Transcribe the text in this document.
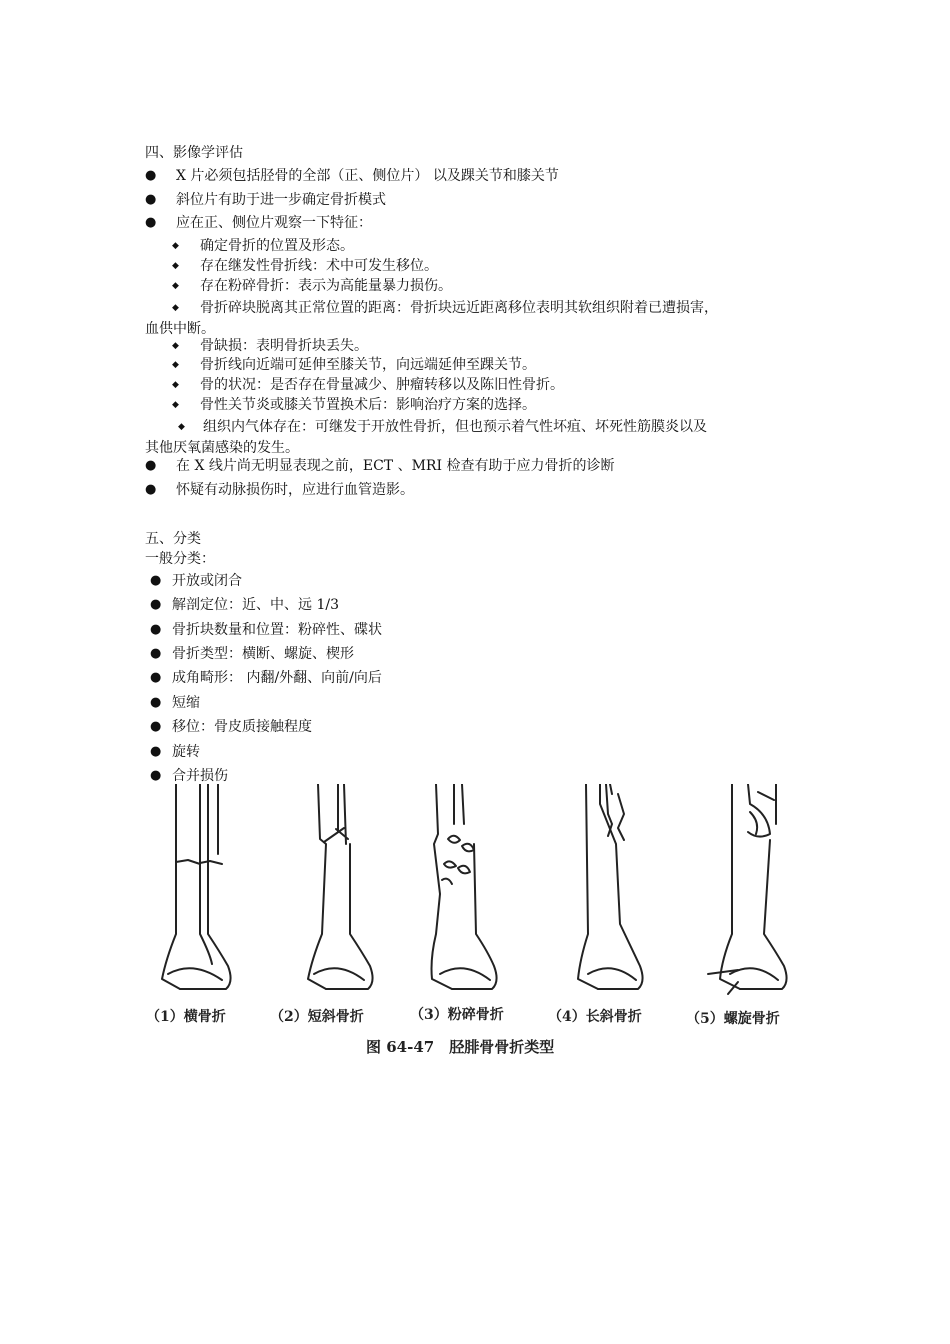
四、影像学评估
● X 片必须包括胫骨的全部（正、侧位片） 以及踝关节和膝关节
● 斜位片有助于进一步确定骨折模式
● 应在正、侧位片观察一下特征：
◆ 确定骨折的位置及形态。
◆ 存在继发性骨折线：术中可发生移位。
◆ 存在粉碎骨折：表示为高能量暴力损伤。
◆ 骨折碎块脱离其正常位置的距离：骨折块远近距离移位表明其软组织附着已遭损害，
血供中断。
◆ 骨缺损：表明骨折块丢失。
◆ 骨折线向近端可延伸至膝关节，向远端延伸至踝关节。
◆ 骨的状况：是否存在骨量减少、肿瘤转移以及陈旧性骨折。
◆ 骨性关节炎或膝关节置换术后：影响治疗方案的选择。
◆ 组织内气体存在：可继发于开放性骨折，但也预示着气性坏疽、坏死性筋膜炎以及
其他厌氧菌感染的发生。
● 在 X 线片尚无明显表现之前，ECT 、MRI 检查有助于应力骨折的诊断
● 怀疑有动脉损伤时，应进行血管造影。
五、分类
一般分类：
● 开放或闭合
● 解剖定位：近、中、远 1/3
● 骨折块数量和位置：粉碎性、碟状
● 骨折类型：横断、螺旋、楔形
● 成角畸形： 内翻/外翻、向前/向后
● 短缩
● 移位：骨皮质接触程度
● 旋转
● 合并损伤
（1）横骨折	（2）短斜骨折	（3）粉碎骨折	（4）长斜骨折	（5）螺旋骨折
图 64-47　胫腓骨骨折类型
